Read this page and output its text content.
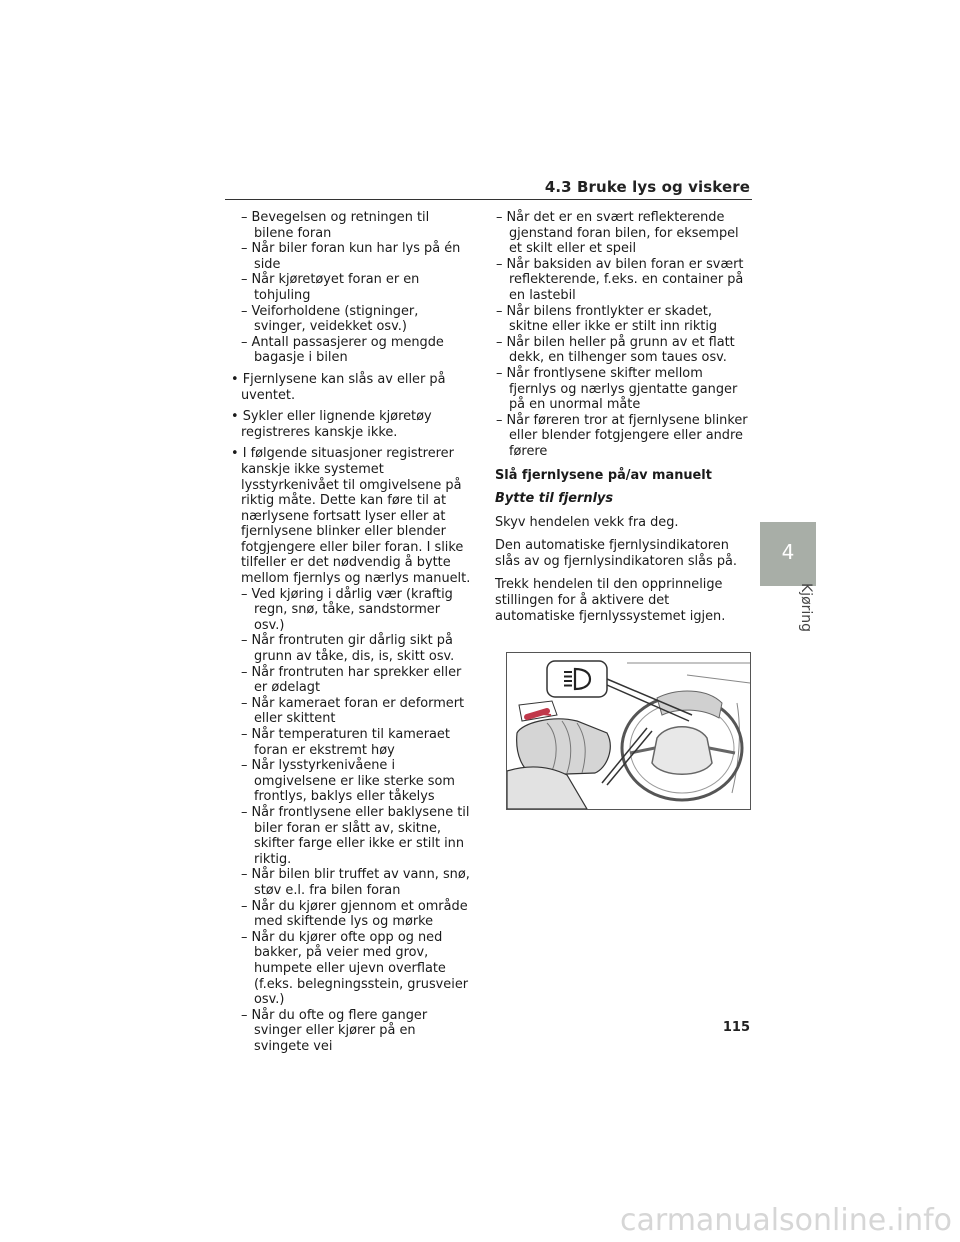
4.3 Bruke lys og viskere
– Bevegelsen og retningen til bilene foran
– Når biler foran kun har lys på én side
– Når kjøretøyet foran er en tohjuling
– Veiforholdene (stigninger, svinger, veidekket osv.)
– Antall passasjerer og mengde bagasje i bilen
• Fjernlysene kan slås av eller på uventet.
• Sykler eller lignende kjøretøy registreres kanskje ikke.
• I følgende situasjoner registrerer kanskje ikke systemet lysstyrkenivået til omgivelsene på riktig måte. Dette kan føre til at nærlysene fortsatt lyser eller at fjernlysene blinker eller blender fotgjengere eller biler foran. I slike tilfeller er det nødvendig å bytte mellom fjernlys og nærlys manuelt.
– Ved kjøring i dårlig vær (kraftig regn, snø, tåke, sandstormer osv.)
– Når frontruten gir dårlig sikt på grunn av tåke, dis, is, skitt osv.
– Når frontruten har sprekker eller er ødelagt
– Når kameraet foran er deformert eller skittent
– Når temperaturen til kameraet foran er ekstremt høy
– Når lysstyrkenivåene i omgivelsene er like sterke som frontlys, baklys eller tåkelys
– Når frontlysene eller baklysene til biler foran er slått av, skitne, skifter farge eller ikke er stilt inn riktig.
– Når bilen blir truffet av vann, snø, støv e.l. fra bilen foran
– Når du kjører gjennom et område med skiftende lys og mørke
– Når du kjører ofte opp og ned bakker, på veier med grov, humpete eller ujevn overflate (f.eks. belegningsstein, grusveier osv.)
– Når du ofte og flere ganger svinger eller kjører på en svingete vei
– Når det er en svært reflekterende gjenstand foran bilen, for eksempel et skilt eller et speil
– Når baksiden av bilen foran er svært reflekterende, f.eks. en container på en lastebil
– Når bilens frontlykter er skadet, skitne eller ikke er stilt inn riktig
– Når bilen heller på grunn av et flatt dekk, en tilhenger som taues osv.
– Når frontlysene skifter mellom fjernlys og nærlys gjentatte ganger på en unormal måte
– Når føreren tror at fjernlysene blinker eller blender fotgjengere eller andre førere
Slå fjernlysene på/av manuelt
Bytte til fjernlys
Skyv hendelen vekk fra deg.
Den automatiske fjernlysindikatoren slås av og fjernlysindikatoren slås på.
Trekk hendelen til den opprinnelige stillingen for å aktivere det automatiske fjernlyssystemet igjen.
4
Kjøring
115
carmanualsonline.info
